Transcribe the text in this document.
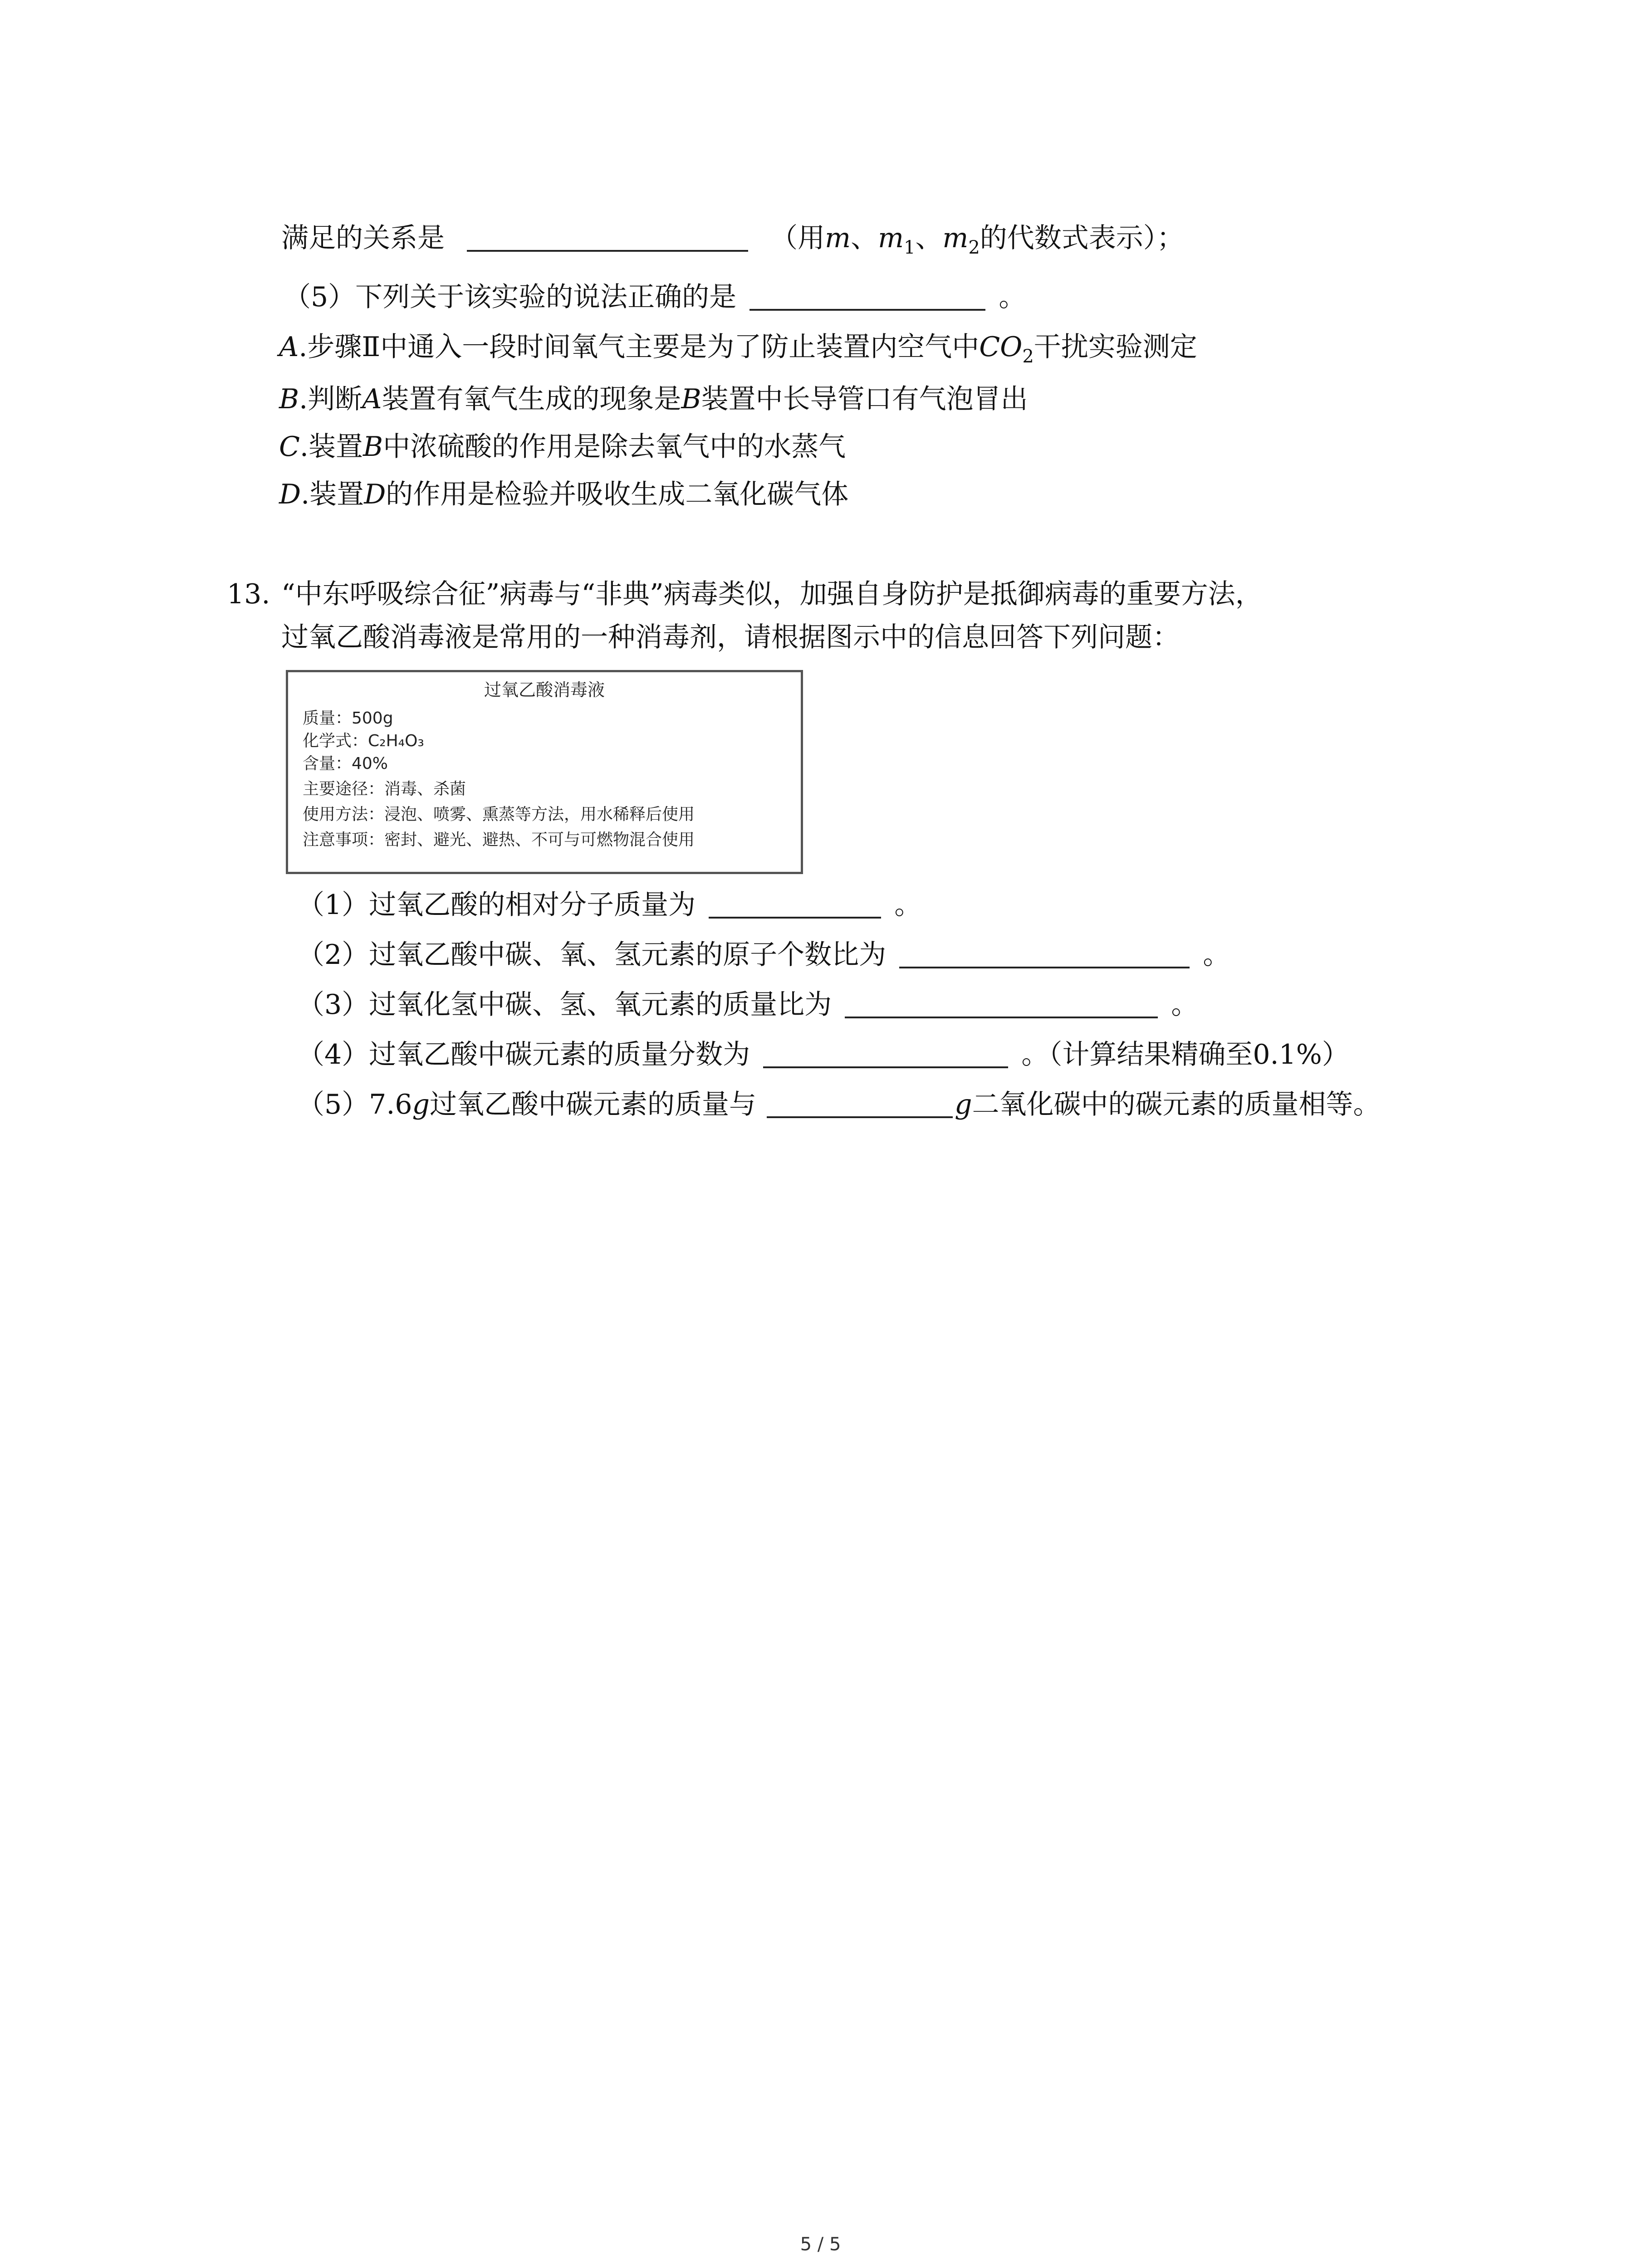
满足的关系是	（用m、$m_1$、$m_2$的代数式表示）；
（5）下列关于该实验的说法正确的是	。
A.步骤Ⅱ中通入一段时间氧气主要是为了防止装置内空气中$CO_2$干扰实验测定
B.判断A装置有氧气生成的现象是B装置中长导管口有气泡冒出
C.装置B中浓硫酸的作用是除去氧气中的水蒸气
D.装置D的作用是检验并吸收生成二氧化碳气体
13. “中东呼吸综合征”病毒与“非典”病毒类似，加强自身防护是抵御病毒的重要方法，
过氧乙酸消毒液是常用的一种消毒剂，请根据图示中的信息回答下列问题：
过氧乙酸消毒液
质量：500g
化学式：C₂H₄O₃
含量：40%
主要途径：消毒、杀菌
使用方法：浸泡、喷雾、熏蒸等方法，用水稀释后使用
注意事项：密封、避光、避热、不可与可燃物混合使用
（1）过氧乙酸的相对分子质量为	。
（2）过氧乙酸中碳、氧、氢元素的原子个数比为	。
（3）过氧化氢中碳、氢、氧元素的质量比为	。
（4）过氧乙酸中碳元素的质量分数为	。（计算结果精确至0.1%）
（5）7.6g过氧乙酸中碳元素的质量与	g二氧化碳中的碳元素的质量相等。
5 / 5
